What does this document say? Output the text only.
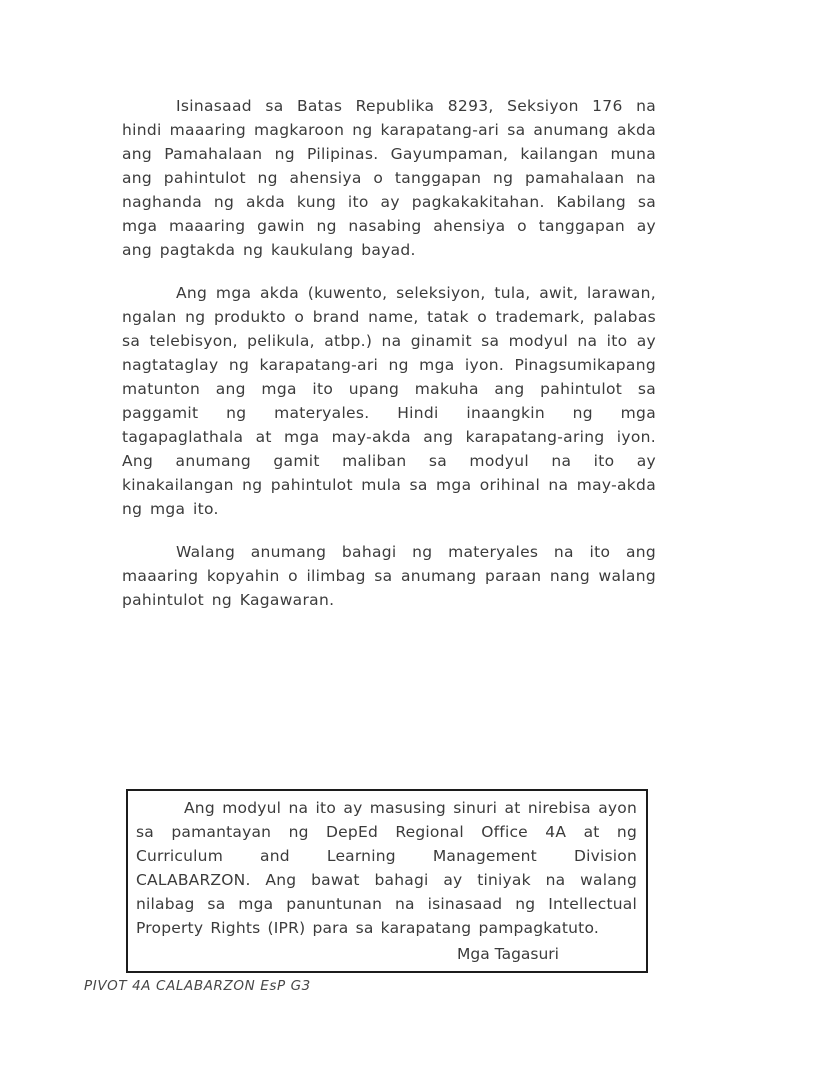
Isinasaad sa Batas Republika 8293, Seksiyon 176 na hindi maaaring magkaroon ng karapatang-ari sa anumang akda ang Pamahalaan ng Pilipinas. Gayumpaman, kailangan muna ang pahintulot ng ahensiya o tanggapan ng pamahalaan na naghanda ng akda kung ito ay pagkakakitahan. Kabilang sa mga maaaring gawin ng nasabing ahensiya o tanggapan ay ang pagtakda ng kaukulang bayad.

Ang mga akda (kuwento, seleksiyon, tula, awit, larawan, ngalan ng produkto o brand name, tatak o trademark, palabas sa telebisyon, pelikula, atbp.) na ginamit sa modyul na ito ay nagtataglay ng karapatang-ari ng mga iyon. Pinagsumikapang matunton ang mga ito upang makuha ang pahintulot sa paggamit ng materyales. Hindi inaangkin ng mga tagapaglathala at mga may-akda ang karapatang-aring iyon. Ang anumang gamit maliban sa modyul na ito ay kinakailangan ng pahintulot mula sa mga orihinal na may-akda ng mga ito.

Walang anumang bahagi ng materyales na ito ang maaaring kopyahin o ilimbag sa anumang paraan nang walang pahintulot ng Kagawaran.

Ang modyul na ito ay masusing sinuri at nirebisa ayon sa pamantayan ng DepEd Regional Office 4A at ng Curriculum and Learning Management Division CALABARZON. Ang bawat bahagi ay tiniyak na walang nilabag sa mga panuntunan na isinasaad ng Intellectual Property Rights (IPR) para sa karapatang pampagkatuto.

Mga Tagasuri
PIVOT 4A CALABARZON EsP G3
